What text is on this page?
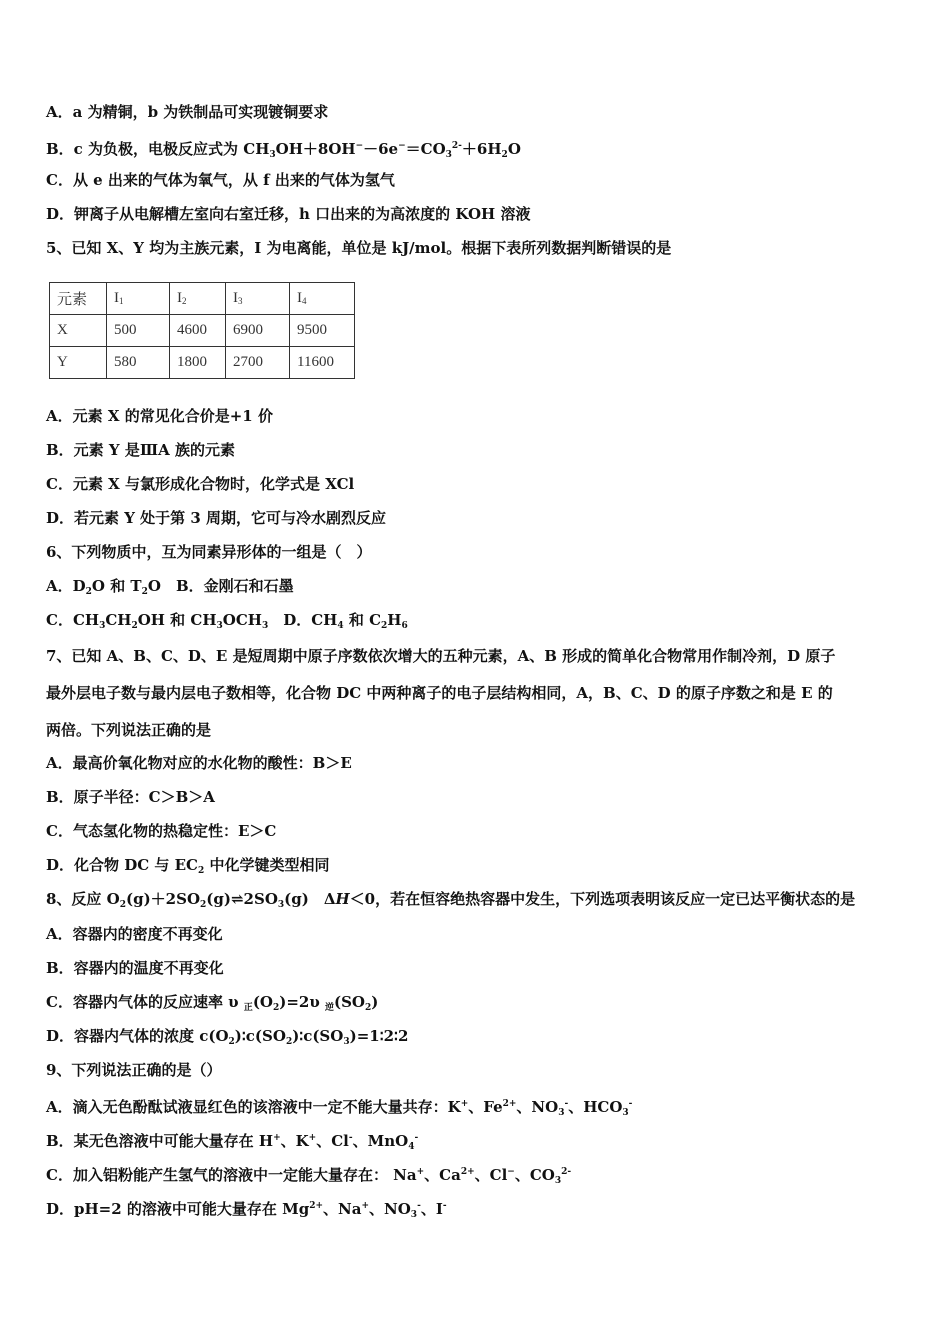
A．a 为精铜，b 为铁制品可实现镀铜要求
B．c 为负极，电极反应式为 $CH_3OH+8OH^--6e^-=CO_3^{2-}+6H_2O$
C．从 e 出来的气体为氧气，从 f 出来的气体为氢气
D．钾离子从电解槽左室向右室迁移，h 口出来的为高浓度的 KOH 溶液
5、已知 X、Y 均为主族元素，I 为电离能，单位是 kJ/mol。根据下表所列数据判断错误的是
元素	$I_1$	$I_2$	$I_3$	$I_4$
X	500	4600	6900	9500
Y	580	1800	2700	11600
A．元素 X 的常见化合价是+1 价
B．元素 Y 是ⅢA 族的元素
C．元素 X 与氯形成化合物时，化学式是 XCl
D．若元素 Y 处于第 3 周期，它可与冷水剧烈反应
6、下列物质中，互为同素异形体的一组是（　）
A．$D_2O$ 和 $T_2O$　B．金刚石和石墨
C．$CH_3CH_2OH$ 和 $CH_3OCH_3$　D．$CH_4$ 和 $C_2H_6$
7、已知 A、B、C、D、E 是短周期中原子序数依次增大的五种元素，A、B 形成的简单化合物常用作制冷剂，D 原子
最外层电子数与最内层电子数相等，化合物 DC 中两种离子的电子层结构相同，A，B、C、D 的原子序数之和是 E 的
两倍。下列说法正确的是
A．最高价氧化物对应的水化物的酸性：B＞E
B．原子半径：C＞B＞A
C．气态氢化物的热稳定性：E＞C
D．化合物 DC 与 $EC_2$ 中化学键类型相同
8、反应 $O_2(g)+2SO_2(g)\rightleftharpoons 2SO_3(g)$　ΔH＜0，若在恒容绝热容器中发生，下列选项表明该反应一定已达平衡状态的是
A．容器内的密度不再变化
B．容器内的温度不再变化
C．容器内气体的反应速率 υ $_正(O_2)=2\upsilon$ $_逆(SO_2)$
D．容器内气体的浓度 $c(O_2)∶c(SO_2)∶c(SO_3)=1∶2∶2$
9、下列说法正确的是（）
A．滴入无色酚酞试液显红色的该溶液中一定不能大量共存：K+、$Fe^{2+}$、$NO_3^-$、$HCO_3^-$
B．某无色溶液中可能大量存在 H+、K+、Cl-、MnO$_4$-
C．加入铝粉能产生氢气的溶液中一定能大量存在： Na+、$Ca^{2+}$、Cl−、$CO_3^{2-}$
D．pH=2 的溶液中可能大量存在 $Mg^{2+}$、Na+、$NO_3^-$、I-
